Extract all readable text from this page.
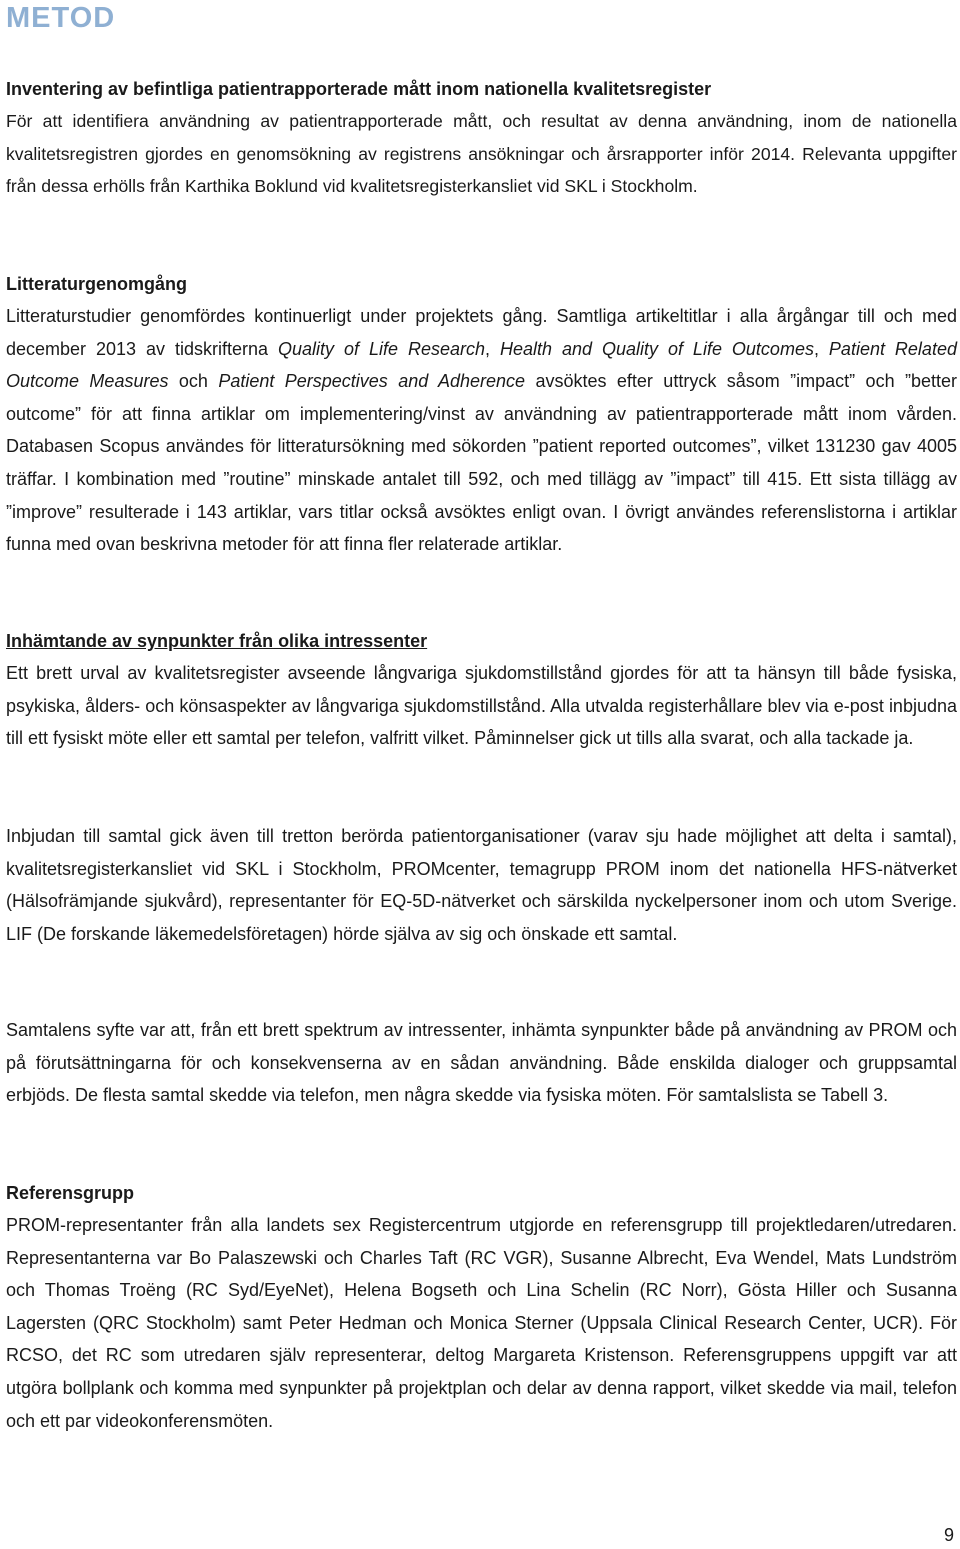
METOD
Inventering av befintliga patientrapporterade mått inom nationella kvalitetsregister
För att identifiera användning av patientrapporterade mått, och resultat av denna användning, inom de nationella kvalitetsregistren gjordes en genomsökning av registrens ansökningar och årsrapporter inför 2014. Relevanta uppgifter från dessa erhölls från Karthika Boklund vid kvalitetsregisterkansliet vid SKL i Stockholm.
Litteraturgenomgång
Litteraturstudier genomfördes kontinuerligt under projektets gång. Samtliga artikeltitlar i alla årgångar till och med december 2013 av tidskrifterna Quality of Life Research, Health and Quality of Life Outcomes, Patient Related Outcome Measures och Patient Perspectives and Adherence avsöktes efter uttryck såsom ”impact” och ”better outcome” för att finna artiklar om implementering/vinst av användning av patientrapporterade mått inom vården. Databasen Scopus användes för litteratursökning med sökorden ”patient reported outcomes”, vilket 131230 gav 4005 träffar. I kombination med ”routine” minskade antalet till 592, och med tillägg av ”impact” till 415. Ett sista tillägg av ”improve” resulterade i 143 artiklar, vars titlar också avsöktes enligt ovan. I övrigt användes referenslistorna i artiklar funna med ovan beskrivna metoder för att finna fler relaterade artiklar.
Inhämtande av synpunkter från olika intressenter
Ett brett urval av kvalitetsregister avseende långvariga sjukdomstillstånd gjordes för att ta hänsyn till både fysiska, psykiska, ålders- och könsaspekter av långvariga sjukdomstillstånd. Alla utvalda registerhållare blev via e-post inbjudna till ett fysiskt möte eller ett samtal per telefon, valfritt vilket. Påminnelser gick ut tills alla svarat, och alla tackade ja.
Inbjudan till samtal gick även till tretton berörda patientorganisationer (varav sju hade möjlighet att delta i samtal), kvalitetsregisterkansliet vid SKL i Stockholm, PROMcenter, temagrupp PROM inom det nationella HFS-nätverket (Hälsofrämjande sjukvård), representanter för EQ-5D-nätverket och särskilda nyckelpersoner inom och utom Sverige. LIF (De forskande läkemedelsföretagen) hörde själva av sig och önskade ett samtal.
Samtalens syfte var att, från ett brett spektrum av intressenter, inhämta synpunkter både på användning av PROM och på förutsättningarna för och konsekvenserna av en sådan användning. Både enskilda dialoger och gruppsamtal erbjöds. De flesta samtal skedde via telefon, men några skedde via fysiska möten. För samtalslista se Tabell 3.
Referensgrupp
PROM-representanter från alla landets sex Registercentrum utgjorde en referensgrupp till projektledaren/utredaren. Representanterna var Bo Palaszewski och Charles Taft (RC VGR), Susanne Albrecht, Eva Wendel, Mats Lundström och Thomas Troëng (RC Syd/EyeNet), Helena Bogseth och Lina Schelin (RC Norr), Gösta Hiller och Susanna Lagersten (QRC Stockholm) samt Peter Hedman och Monica Sterner (Uppsala Clinical Research Center, UCR). För RCSO, det RC som utredaren själv representerar, deltog Margareta Kristenson. Referensgruppens uppgift var att utgöra bollplank och komma med synpunkter på projektplan och delar av denna rapport, vilket skedde via mail, telefon och ett par videokonferensmöten.
9
